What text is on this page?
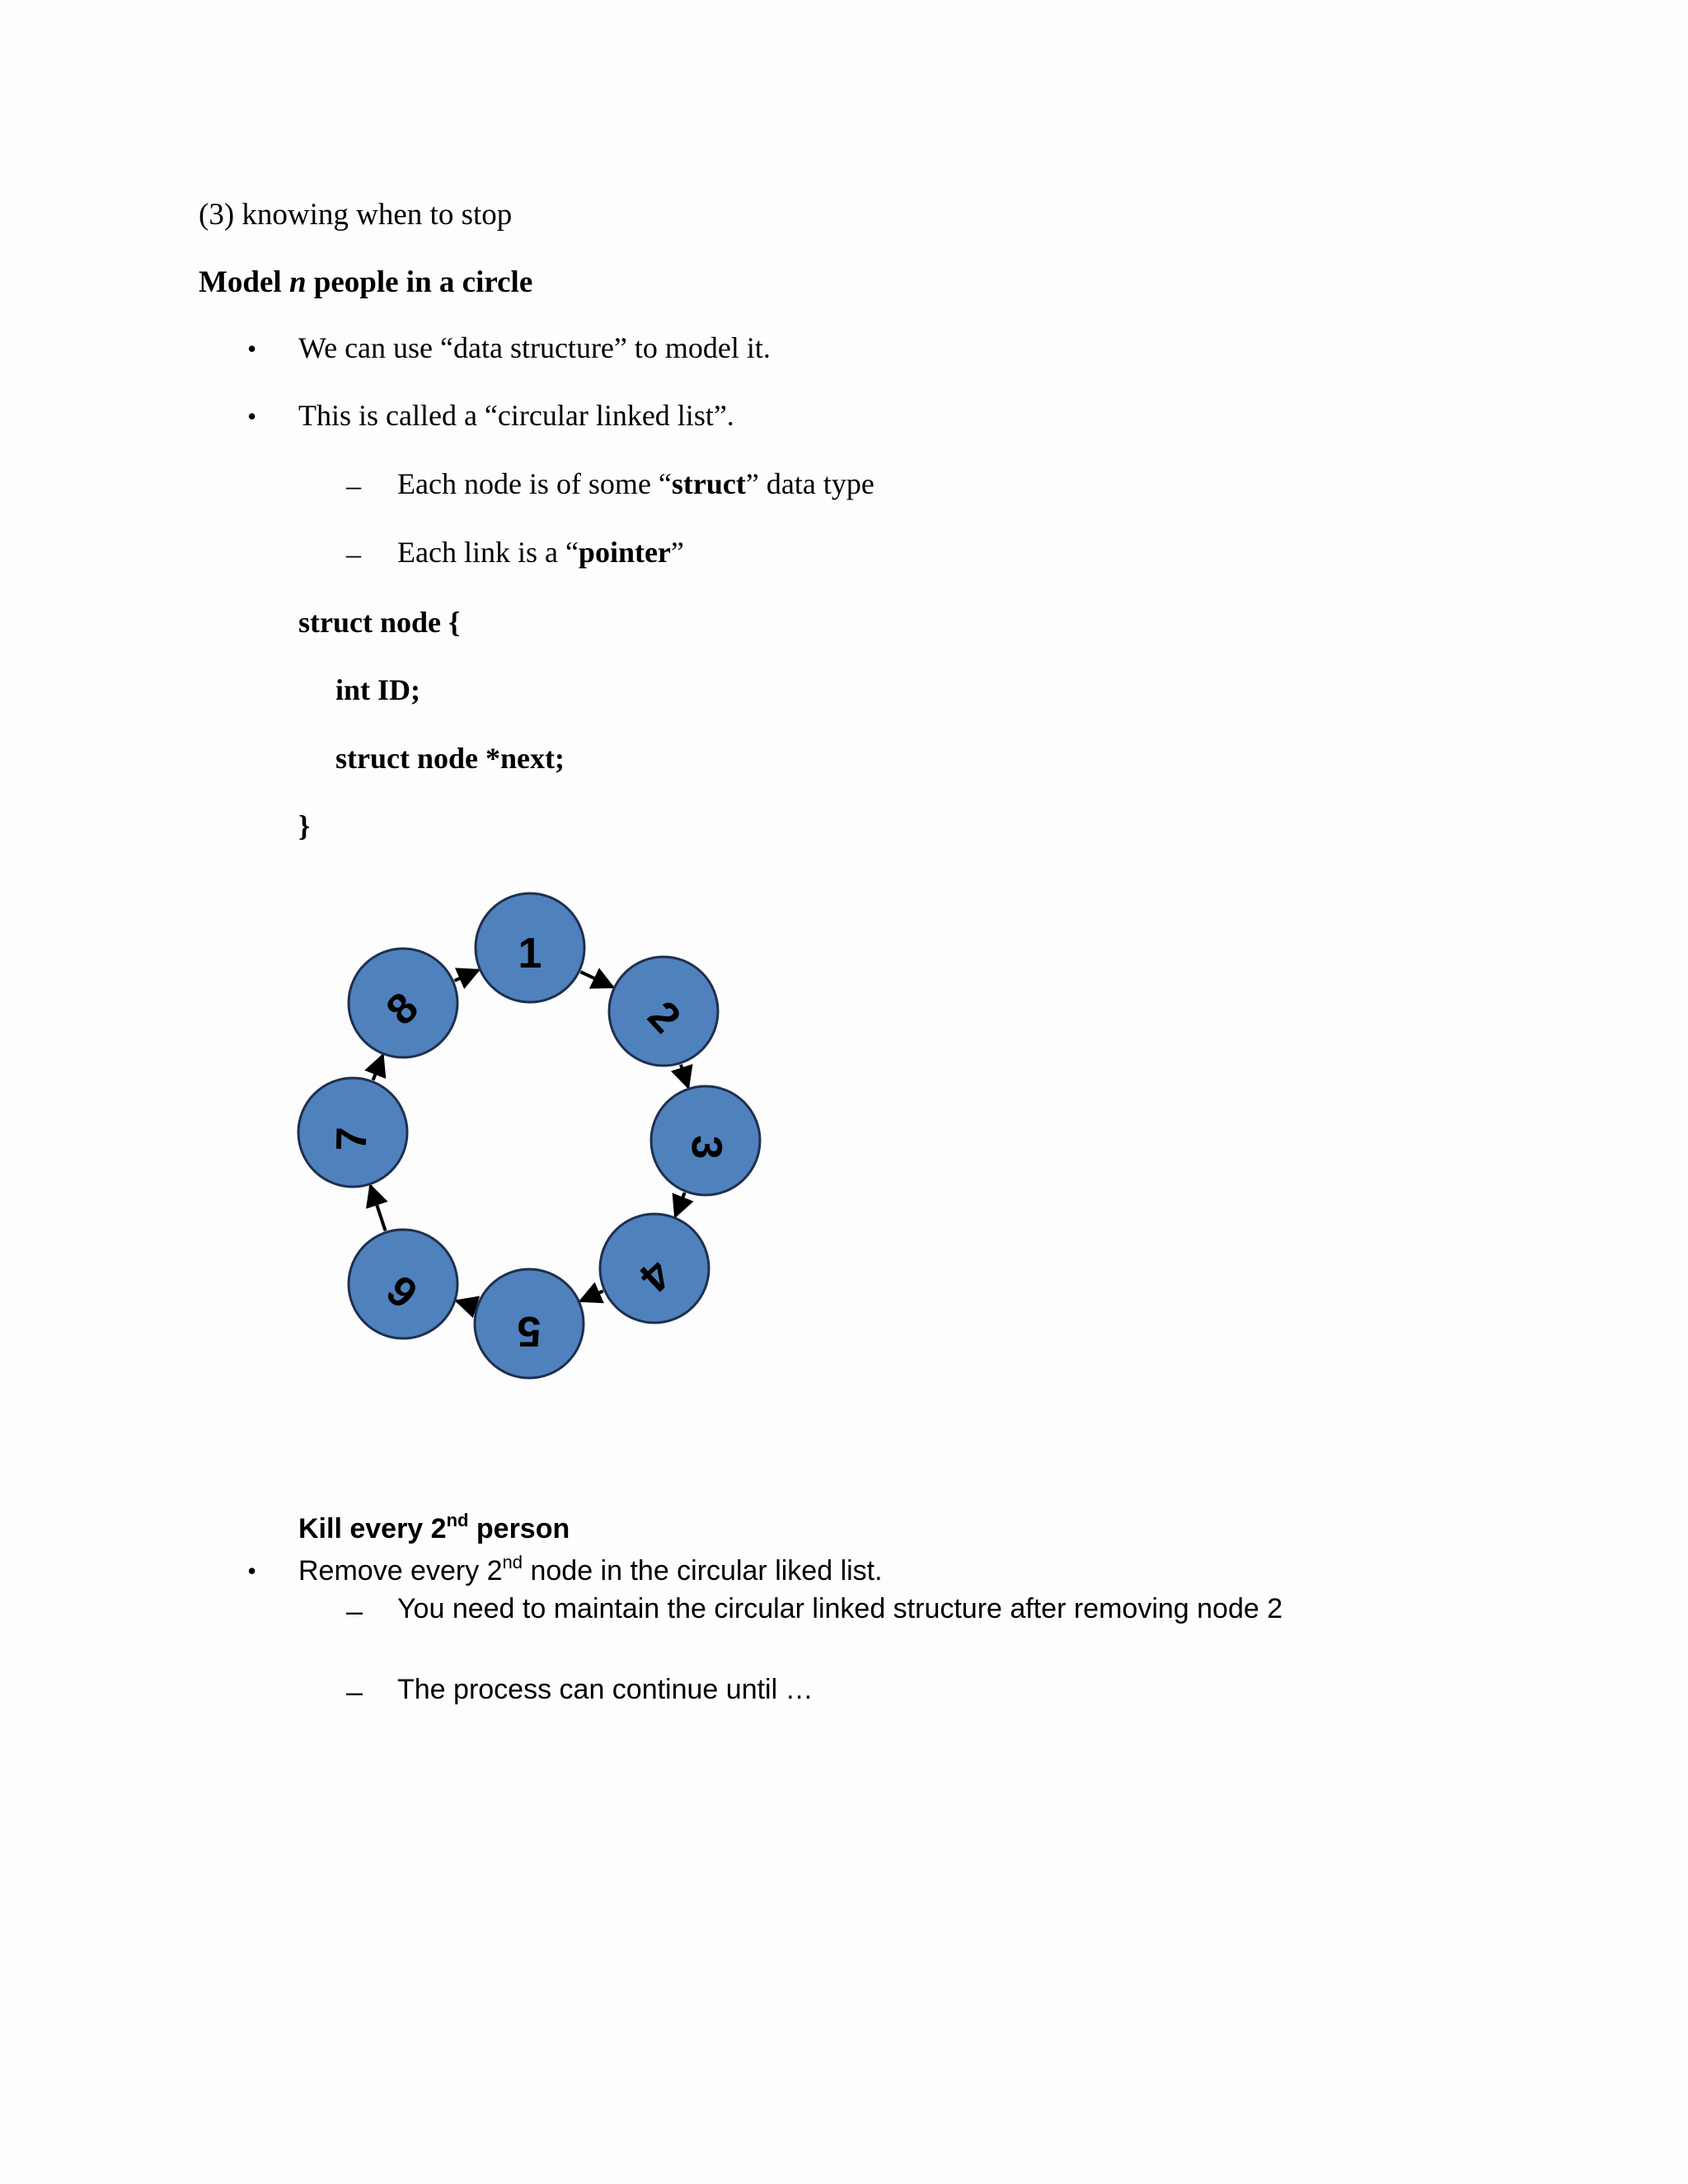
(3) knowing when to stop
Model n people in a circle
• We can use “data structure” to model it.
• This is called a “circular linked list”.
– Each node is of some “struct” data type
– Each link is a “pointer”
struct node {
int ID;
struct node *next;
}
1
2
3
4
5
6
7
8
Kill every 2nd person
• Remove every 2nd node in the circular liked list.
– You need to maintain the circular linked structure after removing node 2
– The process can continue until …
